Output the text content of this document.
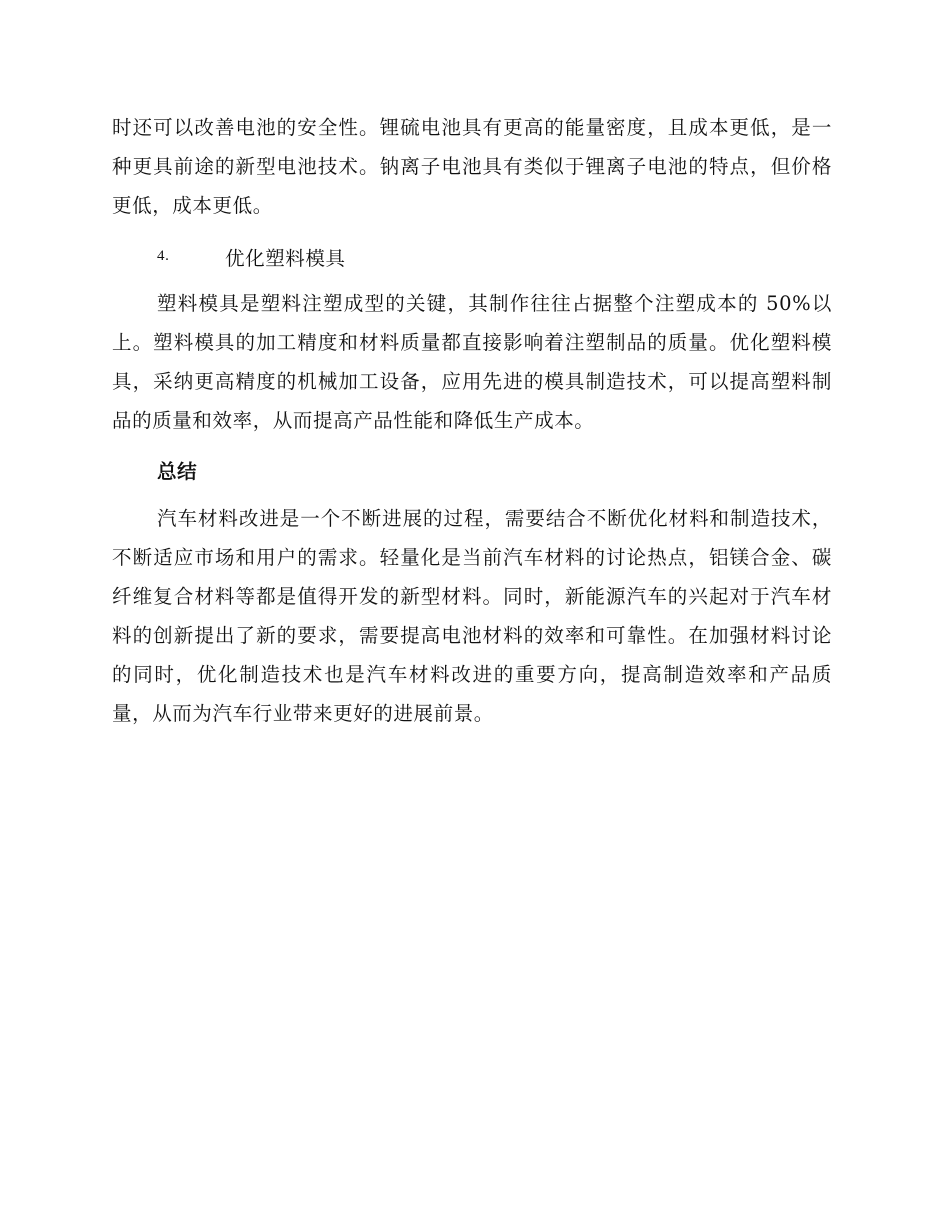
时还可以改善电池的安全性。锂硫电池具有更高的能量密度，且成本更低，是一种更具前途的新型电池技术。钠离子电池具有类似于锂离子电池的特点，但价格更低，成本更低。

4.	优化塑料模具

塑料模具是塑料注塑成型的关键，其制作往往占据整个注塑成本的 50%以上。塑料模具的加工精度和材料质量都直接影响着注塑制品的质量。优化塑料模具，采纳更高精度的机械加工设备，应用先进的模具制造技术，可以提高塑料制品的质量和效率，从而提高产品性能和降低生产成本。

总结

汽车材料改进是一个不断进展的过程，需要结合不断优化材料和制造技术，不断适应市场和用户的需求。轻量化是当前汽车材料的讨论热点，铝镁合金、碳纤维复合材料等都是值得开发的新型材料。同时，新能源汽车的兴起对于汽车材料的创新提出了新的要求，需要提高电池材料的效率和可靠性。在加强材料讨论的同时，优化制造技术也是汽车材料改进的重要方向，提高制造效率和产品质量，从而为汽车行业带来更好的进展前景。
